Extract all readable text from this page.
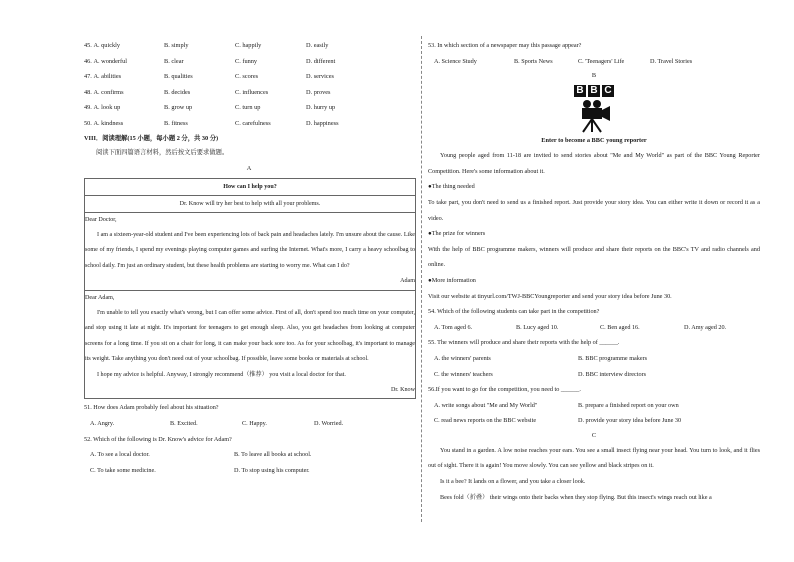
45. A. quickly	B. simply	C. happily	D. easily
46. A. wonderful	B. clear	C. funny	D. different
47. A. abilities	B. qualities	C. scores	D. services
48. A. confirms	B. decides	C. influences	D. proves
49. A. look up	B. grow up	C. turn up	D. hurry up
50. A. kindness	B. fitness	C. carefulness	D. happiness
VIII．阅读理解(15 小题，每小题 2 分，共 30 分)
阅读下面四篇语言材料，然后按文后要求做题。
A
How can I help you?
Dr. Know will try her best to help with all your problems.

Dear Doctor,

I am a sixteen-year-old student and I've been experiencing lots of back pain and headaches lately. I'm unsure about the cause. Like some of my friends, I spend my evenings playing computer games and surfing the Internet. What's more, I carry a heavy schoolbag to school daily. I'm just an ordinary student, but these health problems are starting to worry me. What can I do?

Adam

Dear Adam,

I'm unable to tell you exactly what's wrong, but I can offer some advice. First of all, don't spend too much time on your computer, and stop using it late at night. It's important for teenagers to get enough sleep. Also, you get headaches from looking at computer screens for a long time. If you sit on a chair for long, it can make your back sore too. As for your schoolbag, it's important to manage its weight. Take anything you don't need out of your schoolbag. If possible, leave some books or materials at school.

I hope my advice is helpful. Anyway, I strongly recommend（推荐） you visit a local doctor for that.

Dr. Know

51. How does Adam probably feel about his situation?

A. Angry.	B. Excited.	C. Happy.	D. Worried.

52. Which of the following is Dr. Know's advice for Adam?

A. To see a local doctor.	B. To leave all books at school.
C. To take some medicine.	D. To stop using his computer.

53. In which section of a newspaper may this passage appear?

A. Science Study	B. Sports News	C. 'Teenagers' Life	D. Travel Stories
B
B B C
Enter to become a BBC young reporter

Young people aged from 11-18 are invited to send stories about "Me and My World" as part of the BBC Young Reporter Competition. Here's some information about it.

●The thing needed

To take part, you don't need to send us a finished report. Just provide your story idea. You can either write it down or record it as a video.

●The prize for winners

With the help of BBC programme makers, winners will produce and share their reports on the BBC's TV and radio channels and online.

●More information

Visit our website at tinyurl.com/TWJ-BBCYoungreporter and send your story idea before June 30.

54. Which of the following students can take part in the competition?

A. Tom aged 6.	B. Lucy aged 10.	C. Ben aged 16.	D. Amy aged 20.

55. The winners will produce and share their reports with the help of ______.

A. the winners' parents	B. BBC programme makers
C. the winners' teachers	D. BBC interview directors

56.If you want to go for the competition, you need to ______.

A. write songs about "Me and My World"	B. prepare a finished report on your own
C. read news reports on the BBC website	D. provide your story idea before June 30
C

You stand in a garden. A low noise reaches your ears. You see a small insect flying near your head. You turn to look, and it flies out of sight. There it is again! You move slowly. You can see yellow and black stripes on it.

Is it a bee? It lands on a flower, and you take a closer look.

Bees fold（折叠） their wings onto their backs when they stop flying. But this insect's wings reach out like a
